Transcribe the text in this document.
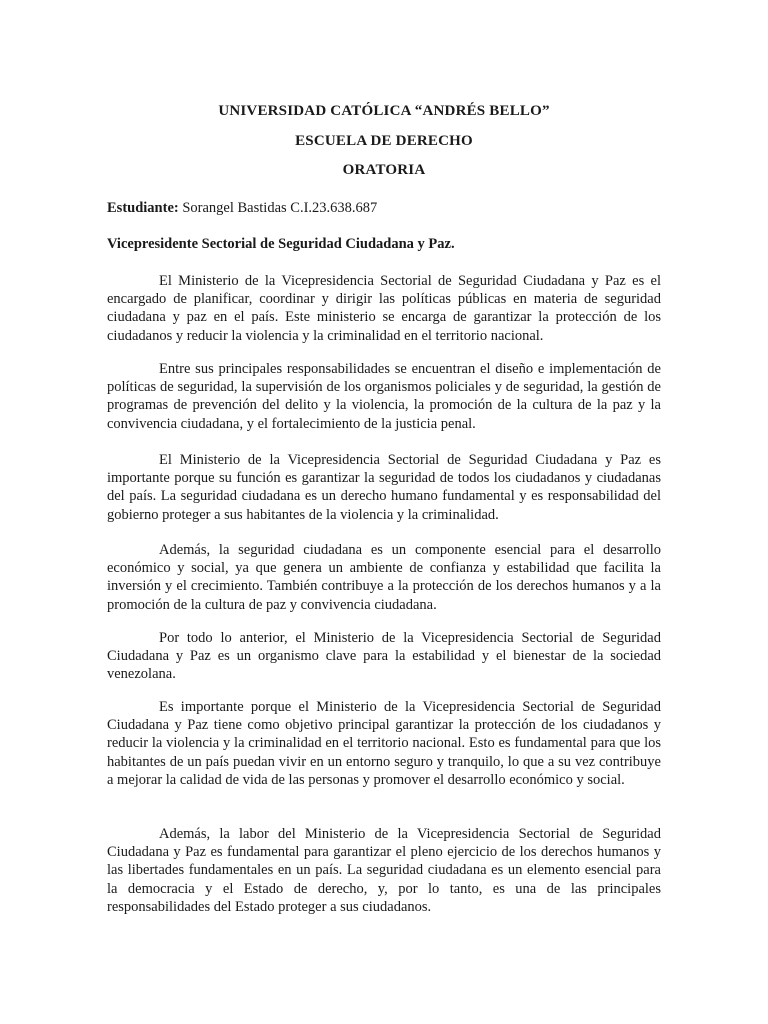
UNIVERSIDAD CATÓLICA “ANDRÉS BELLO”
ESCUELA DE DERECHO
ORATORIA
Estudiante: Sorangel Bastidas C.I.23.638.687
Vicepresidente Sectorial de Seguridad Ciudadana y Paz.

El Ministerio de la Vicepresidencia Sectorial de Seguridad Ciudadana y Paz es el encargado de planificar, coordinar y dirigir las políticas públicas en materia de seguridad ciudadana y paz en el país. Este ministerio se encarga de garantizar la protección de los ciudadanos y reducir la violencia y la criminalidad en el territorio nacional.

Entre sus principales responsabilidades se encuentran el diseño e implementación de políticas de seguridad, la supervisión de los organismos policiales y de seguridad, la gestión de programas de prevención del delito y la violencia, la promoción de la cultura de la paz y la convivencia ciudadana, y el fortalecimiento de la justicia penal.

El Ministerio de la Vicepresidencia Sectorial de Seguridad Ciudadana y Paz es importante porque su función es garantizar la seguridad de todos los ciudadanos y ciudadanas del país. La seguridad ciudadana es un derecho humano fundamental y es responsabilidad del gobierno proteger a sus habitantes de la violencia y la criminalidad.

Además, la seguridad ciudadana es un componente esencial para el desarrollo económico y social, ya que genera un ambiente de confianza y estabilidad que facilita la inversión y el crecimiento. También contribuye a la protección de los derechos humanos y a la promoción de la cultura de paz y convivencia ciudadana.

Por todo lo anterior, el Ministerio de la Vicepresidencia Sectorial de Seguridad Ciudadana y Paz es un organismo clave para la estabilidad y el bienestar de la sociedad venezolana.

Es importante porque el Ministerio de la Vicepresidencia Sectorial de Seguridad Ciudadana y Paz tiene como objetivo principal garantizar la protección de los ciudadanos y reducir la violencia y la criminalidad en el territorio nacional. Esto es fundamental para que los habitantes de un país puedan vivir en un entorno seguro y tranquilo, lo que a su vez contribuye a mejorar la calidad de vida de las personas y promover el desarrollo económico y social.

Además, la labor del Ministerio de la Vicepresidencia Sectorial de Seguridad Ciudadana y Paz es fundamental para garantizar el pleno ejercicio de los derechos humanos y las libertades fundamentales en un país. La seguridad ciudadana es un elemento esencial para la democracia y el Estado de derecho, y, por lo tanto, es una de las principales responsabilidades del Estado proteger a sus ciudadanos.
